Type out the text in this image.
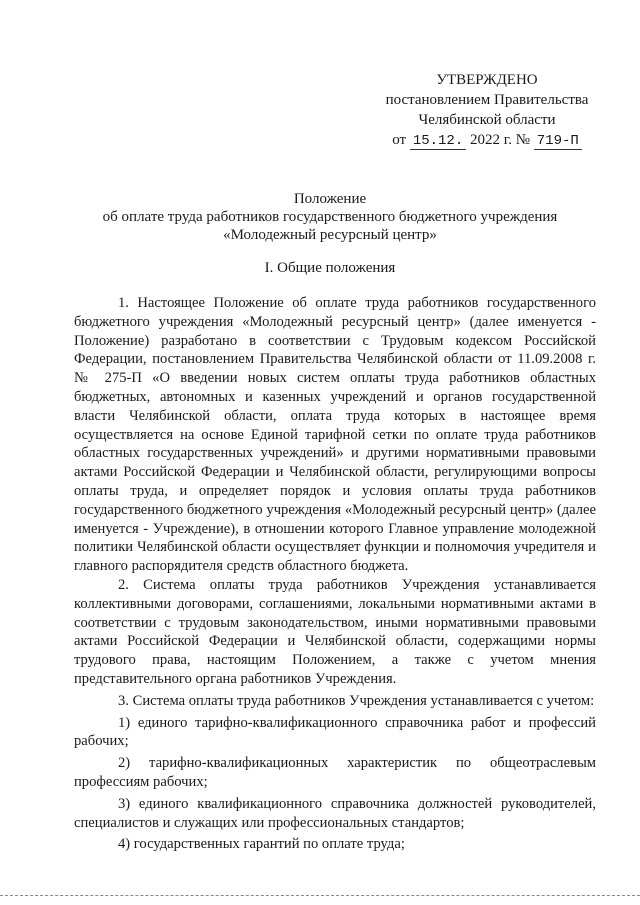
УТВЕРЖДЕНО
постановлением Правительства
Челябинской области
от 15.12. 2022 г. № 719-П
Положение
об оплате труда работников государственного бюджетного учреждения
«Молодежный ресурсный центр»
I. Общие положения

1. Настоящее Положение об оплате труда работников государственного бюджетного учреждения «Молодежный ресурсный центр» (далее именуется - Положение) разработано в соответствии с Трудовым кодексом Российской Федерации, постановлением Правительства Челябинской области от 11.09.2008 г. № 275-П «О введении новых систем оплаты труда работников областных бюджетных, автономных и казенных учреждений и органов государственной власти Челябинской области, оплата труда которых в настоящее время осуществляется на основе Единой тарифной сетки по оплате труда работников областных государственных учреждений» и другими нормативными правовыми актами Российской Федерации и Челябинской области, регулирующими вопросы оплаты труда, и определяет порядок и условия оплаты труда работников государственного бюджетного учреждения «Молодежный ресурсный центр» (далее именуется - Учреждение), в отношении которого Главное управление молодежной политики Челябинской области осуществляет функции и полномочия учредителя и главного распорядителя средств областного бюджета.

2. Система оплаты труда работников Учреждения устанавливается коллективными договорами, соглашениями, локальными нормативными актами в соответствии с трудовым законодательством, иными нормативными правовыми актами Российской Федерации и Челябинской области, содержащими нормы трудового права, настоящим Положением, а также с учетом мнения представительного органа работников Учреждения.

3. Система оплаты труда работников Учреждения устанавливается с учетом:

1) единого тарифно-квалификационного справочника работ и профессий рабочих;

2) тарифно-квалификационных характеристик по общеотраслевым профессиям рабочих;

3) единого квалификационного справочника должностей руководителей, специалистов и служащих или профессиональных стандартов;

4) государственных гарантий по оплате труда;
